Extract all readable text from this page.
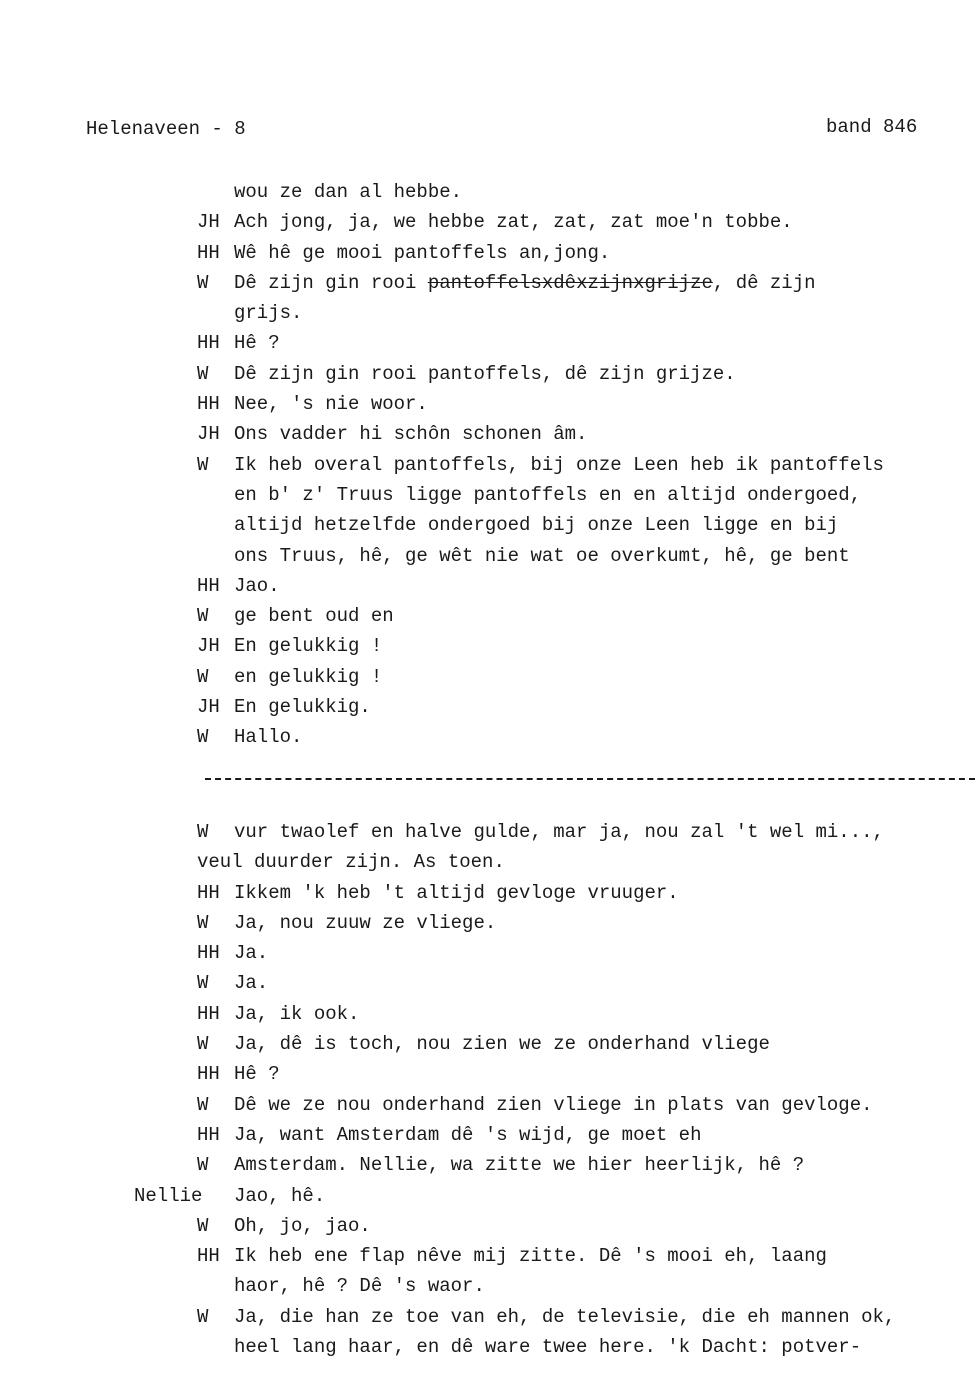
Helenaveen - 8	band 846
wou ze dan al hebbe.
JH Ach jong, ja, we hebbe zat, zat, zat moe'n tobbe.
HH Wê hê ge mooi pantoffels an,jong.
W Dê zijn gin rooi pantoffelsxdêxzijnxgrijze, dê zijn
grijs.
HH Hê ?
W Dê zijn gin rooi pantoffels, dê zijn grijze.
HH Nee, 's nie woor.
JH Ons vadder hi schôn schonen âm.
W Ik heb overal pantoffels, bij onze Leen heb ik pantoffels
en b' z' Truus ligge pantoffels en en altijd ondergoed,
altijd hetzelfde ondergoed bij onze Leen ligge en bij
ons Truus, hê, ge wêt nie wat oe overkumt, hê, ge bent
HH Jao.
W ge bent oud en
JH En gelukkig !
W en gelukkig !
JH En gelukkig.
W Hallo.
W vur twaolef en halve gulde, mar ja, nou zal 't wel mi...,
veul duurder zijn. As toen.
HH Ikkem 'k heb 't altijd gevloge vruuger.
W Ja, nou zuuw ze vliege.
HH Ja.
W Ja.
HH Ja, ik ook.
W Ja, dê is toch, nou zien we ze onderhand vliege
HH Hê ?
W Dê we ze nou onderhand zien vliege in plats van gevloge.
HH Ja, want Amsterdam dê 's wijd, ge moet eh
W Amsterdam. Nellie, wa zitte we hier heerlijk, hê ?
Nellie Jao, hê.
W Oh, jo, jao.
HH Ik heb ene flap nêve mij zitte. Dê 's mooi eh, laang
haor, hê ? Dê 's waor.
W Ja, die han ze toe van eh, de televisie, die eh mannen ok,
heel lang haar, en dê ware twee here. 'k Dacht: potver-
